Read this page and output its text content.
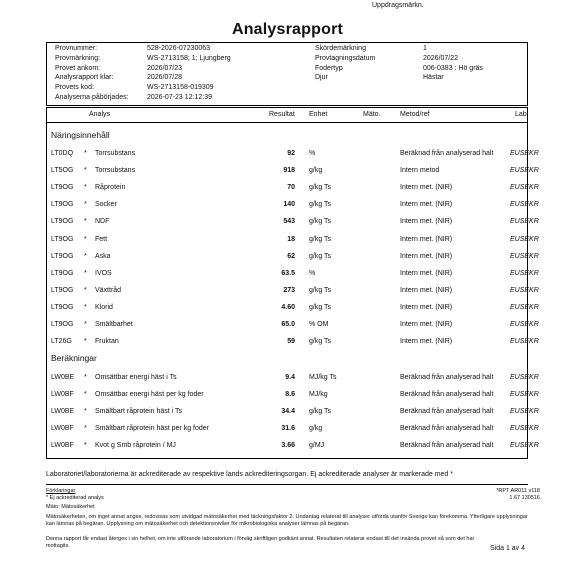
Uppdragsmärkn.
Analysrapport
Provnummer:	528-2026-07230063
Provmärkning:	WS-2713158; 1; Ljungberg
Provet ankom:	2026/07/23
Analysrapport klar:	2026/07/28
Provets kod:	WS-2713158-019309
Analyserna påbörjades:	2026-07-23 12:12:39
Skördemärkning	1
Provtagningsdatum	2026/07/22
Fodertyp	006-0383 : Hö gräs
Djur	Hästar
Analys	Resultat Enhet	Mäto.	Metod/ref	Lab
Näringsinnehåll
LT0DQ * Torrsubstans	92 %	Beräknad från analyserad halt EUSEKR
LT5OG * Torrsubstans	918 g/kg	Intern metod	EUSEKR
LT9OG * Råprotein	70 g/kg Ts	Intern met. (NIR)	EUSEKR
LT9OG * Socker	140 g/kg Ts	Intern met. (NIR)	EUSEKR
LT9OG * NDF	543 g/kg Ts	Intern met. (NIR)	EUSEKR
LT9OG * Fett	18 g/kg Ts	Intern met. (NIR)	EUSEKR
LT9OG * Aska	62 g/kg Ts	Intern met. (NIR)	EUSEKR
LT9OG * IVOS	63.5 %	Intern met. (NIR)	EUSEKR
LT9OG * Växttråd	273 g/kg Ts	Intern met. (NIR)	EUSEKR
LT9OG * Klorid	4.60 g/kg Ts	Intern met. (NIR)	EUSEKR
LT9OG * Smältbarhet	65.0 % OM	Intern met. (NIR)	EUSEKR
LT26G * Fruktan	59 g/kg Ts	Intern met. (NIR)	EUSEKR
Beräkningar
LW0BE * Omsättbar energi häst i Ts	9.4 MJ/kg Ts	Beräknad från analyserad halt EUSEKR
LW0BF * Omsättbar energi häst per kg foder	8.6 MJ/kg	Beräknad från analyserad halt EUSEKR
LW0BE * Smältbart råprotein häst i Ts	34.4 g/kg Ts	Beräknad från analyserad halt EUSEKR
LW0BF * Smältbart råprotein häst per kg foder	31.6 g/kg	Beräknad från analyserad halt EUSEKR
LW0BF * Kvot g Smb råprotein / MJ	3.66 g/MJ	Beräknad från analyserad halt EUSEKR
Laboratoriet/laboratorierna är ackrediterade av respektive lands ackrediteringsorgan. Ej ackrediterade analyser är markerade med *
Förklaringar
* Ej ackrediterad analys
*RPT AR011 v118
1.67 130516
Mäto: Mätosäkerhet
Mätosäkerheten, om inget annat anges, redovisas som utvidgad mätosäkerhet med täckningsfaktor 2. Undantag relaterat till analyser utförda utanför Sverige kan förekomma. Ytterligare upplysningar kan lämnas på begäran. Upplysning om mätosäkerhet och detektionsnivåer för mikrobiologiska analyser lämnas på begäran.
Denna rapport får endast återges i sin helhet, om inte utförande laboratorium i förväg skriftligen godkänt annat. Resultaten relaterar endast till det insända provet så som det har mottagits.	Sida 1 av 4
